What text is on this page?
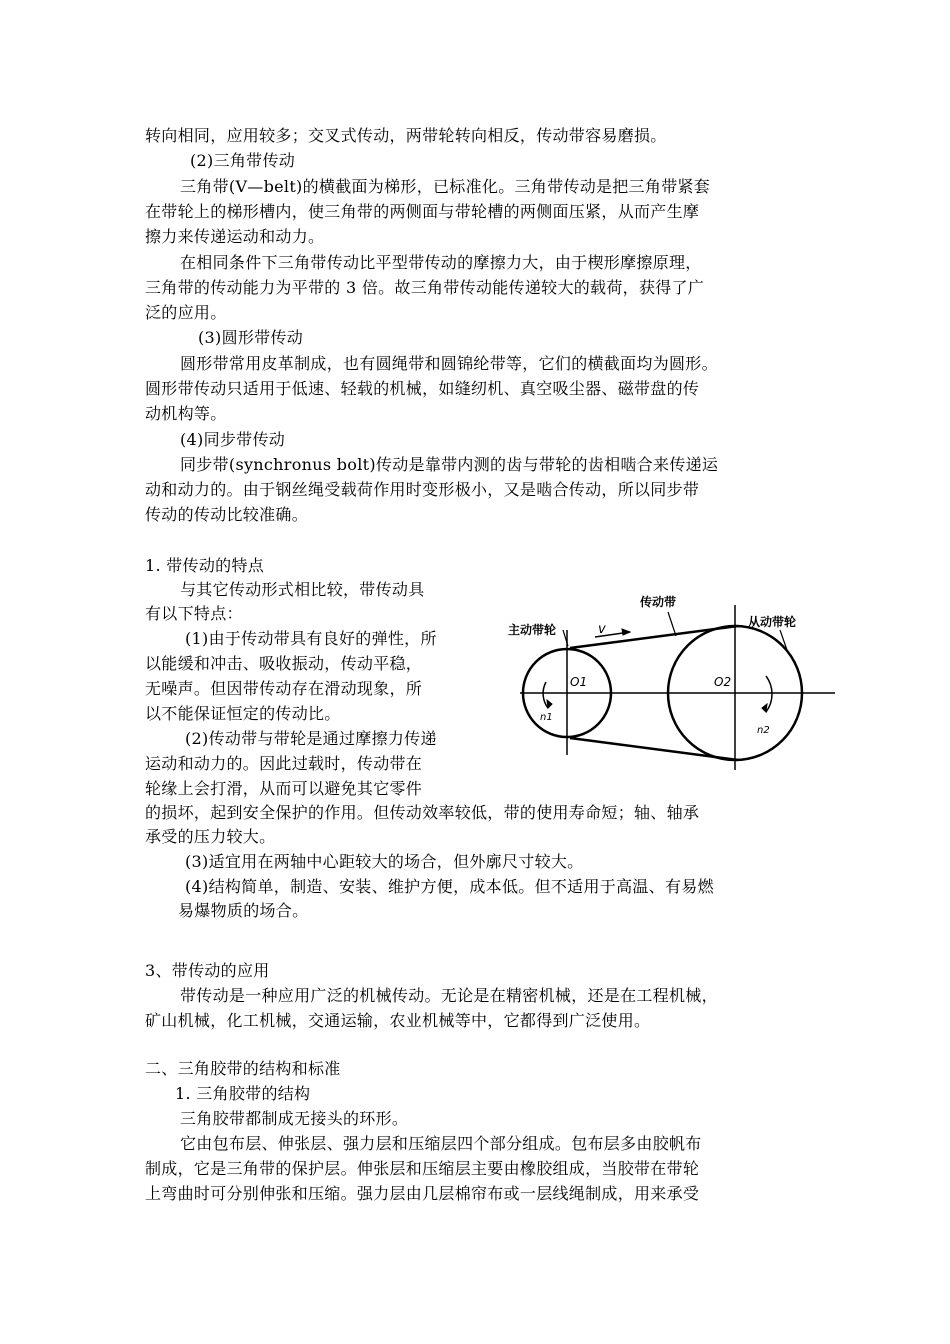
转向相同，应用较多；交叉式传动，两带轮转向相反，传动带容易磨损。
(2)三角带传动
三角带(V—belt)的横截面为梯形，已标准化。三角带传动是把三角带紧套
在带轮上的梯形槽内，使三角带的两侧面与带轮槽的两侧面压紧，从而产生摩
擦力来传递运动和动力。
在相同条件下三角带传动比平型带传动的摩擦力大，由于楔形摩擦原理，
三角带的传动能力为平带的 3 倍。故三角带传动能传递较大的载荷，获得了广
泛的应用。
(3)圆形带传动
圆形带常用皮革制成，也有圆绳带和圆锦纶带等，它们的横截面均为圆形。
圆形带传动只适用于低速、轻载的机械，如缝纫机、真空吸尘器、磁带盘的传
动机构等。
(4)同步带传动
同步带(synchronus bolt)传动是靠带内测的齿与带轮的齿相啮合来传递运
动和动力的。由于钢丝绳受载荷作用时变形极小，又是啮合传动，所以同步带
传动的传动比较准确。
1. 带传动的特点
与其它传动形式相比较，带传动具
有以下特点：
(1)由于传动带具有良好的弹性，所
以能缓和冲击、吸收振动，传动平稳，
无噪声。但因带传动存在滑动现象，所
以不能保证恒定的传动比。
(2)传动带与带轮是通过摩擦力传递
运动和动力的。因此过载时，传动带在
轮缘上会打滑，从而可以避免其它零件
的损坏，起到安全保护的作用。但传动效率较低，带的使用寿命短；轴、轴承
承受的压力较大。
(3)适宜用在两轴中心距较大的场合，但外廓尺寸较大。
(4)结构简单，制造、安装、维护方便，成本低。但不适用于高温、有易燃
易爆物质的场合。
3、带传动的应用
带传动是一种应用广泛的机械传动。无论是在精密机械，还是在工程机械，
矿山机械，化工机械，交通运输，农业机械等中，它都得到广泛使用。
二、三角胶带的结构和标准
1. 三角胶带的结构
三角胶带都制成无接头的环形。
它由包布层、伸张层、强力层和压缩层四个部分组成。包布层多由胶帆布
制成，它是三角带的保护层。伸张层和压缩层主要由橡胶组成，当胶带在带轮
上弯曲时可分别伸张和压缩。强力层由几层棉帘布或一层线绳制成，用来承受
传动带
主动带轮
从动带轮
v
O1	O2
n1
n2
